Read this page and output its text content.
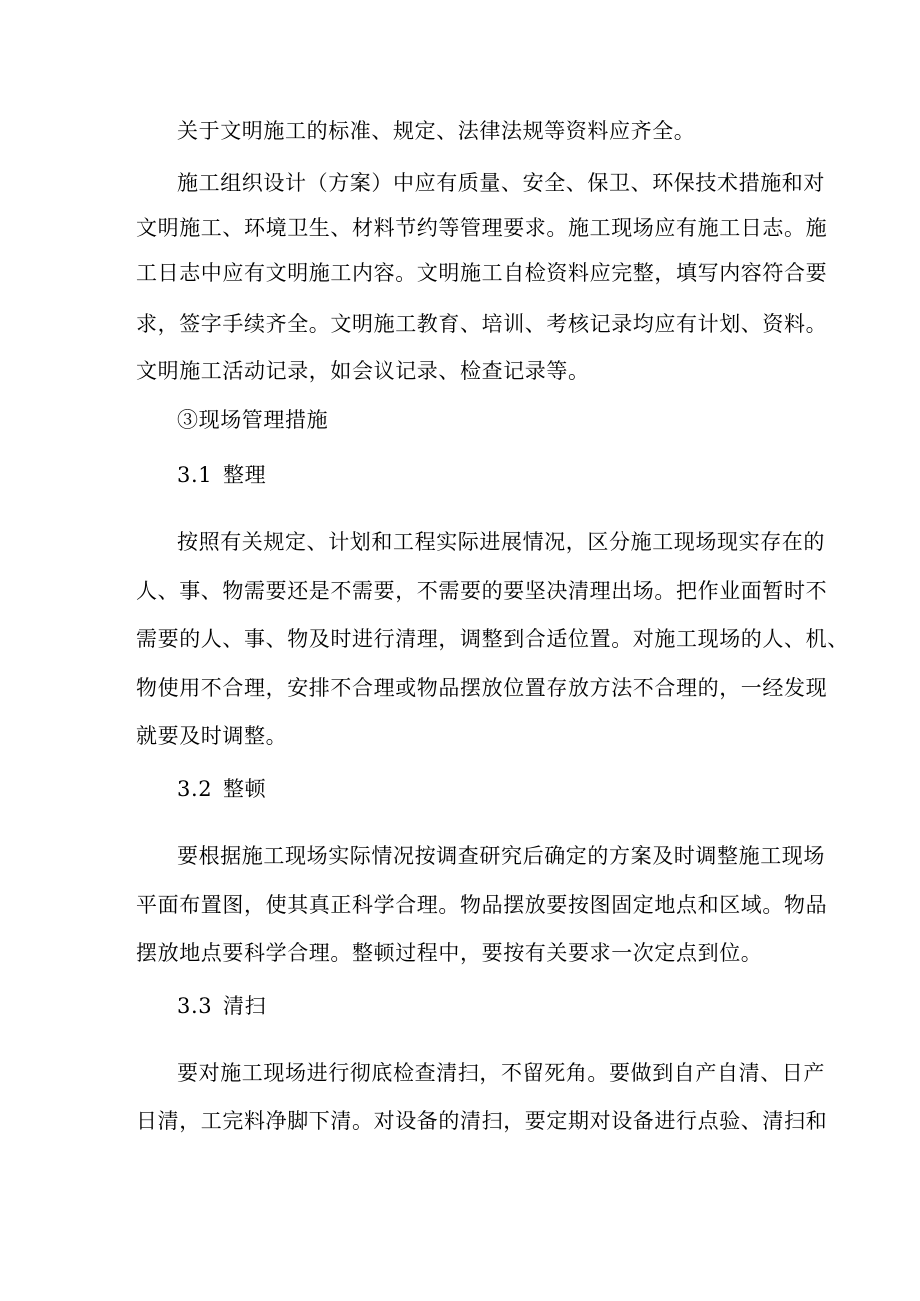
关于文明施工的标准、规定、法律法规等资料应齐全。
施工组织设计（方案）中应有质量、安全、保卫、环保技术措施和对
文明施工、环境卫生、材料节约等管理要求。施工现场应有施工日志。施
工日志中应有文明施工内容。文明施工自检资料应完整，填写内容符合要
求，签字手续齐全。文明施工教育、培训、考核记录均应有计划、资料。
文明施工活动记录，如会议记录、检查记录等。
③现场管理措施
3.1 整理
按照有关规定、计划和工程实际进展情况，区分施工现场现实存在的
人、事、物需要还是不需要，不需要的要坚决清理出场。把作业面暂时不
需要的人、事、物及时进行清理，调整到合适位置。对施工现场的人、机、
物使用不合理，安排不合理或物品摆放位置存放方法不合理的，一经发现
就要及时调整。
3.2 整顿
要根据施工现场实际情况按调查研究后确定的方案及时调整施工现场
平面布置图，使其真正科学合理。物品摆放要按图固定地点和区域。物品
摆放地点要科学合理。整顿过程中，要按有关要求一次定点到位。
3.3 清扫
要对施工现场进行彻底检查清扫，不留死角。要做到自产自清、日产
日清，工完料净脚下清。对设备的清扫，要定期对设备进行点验、清扫和
